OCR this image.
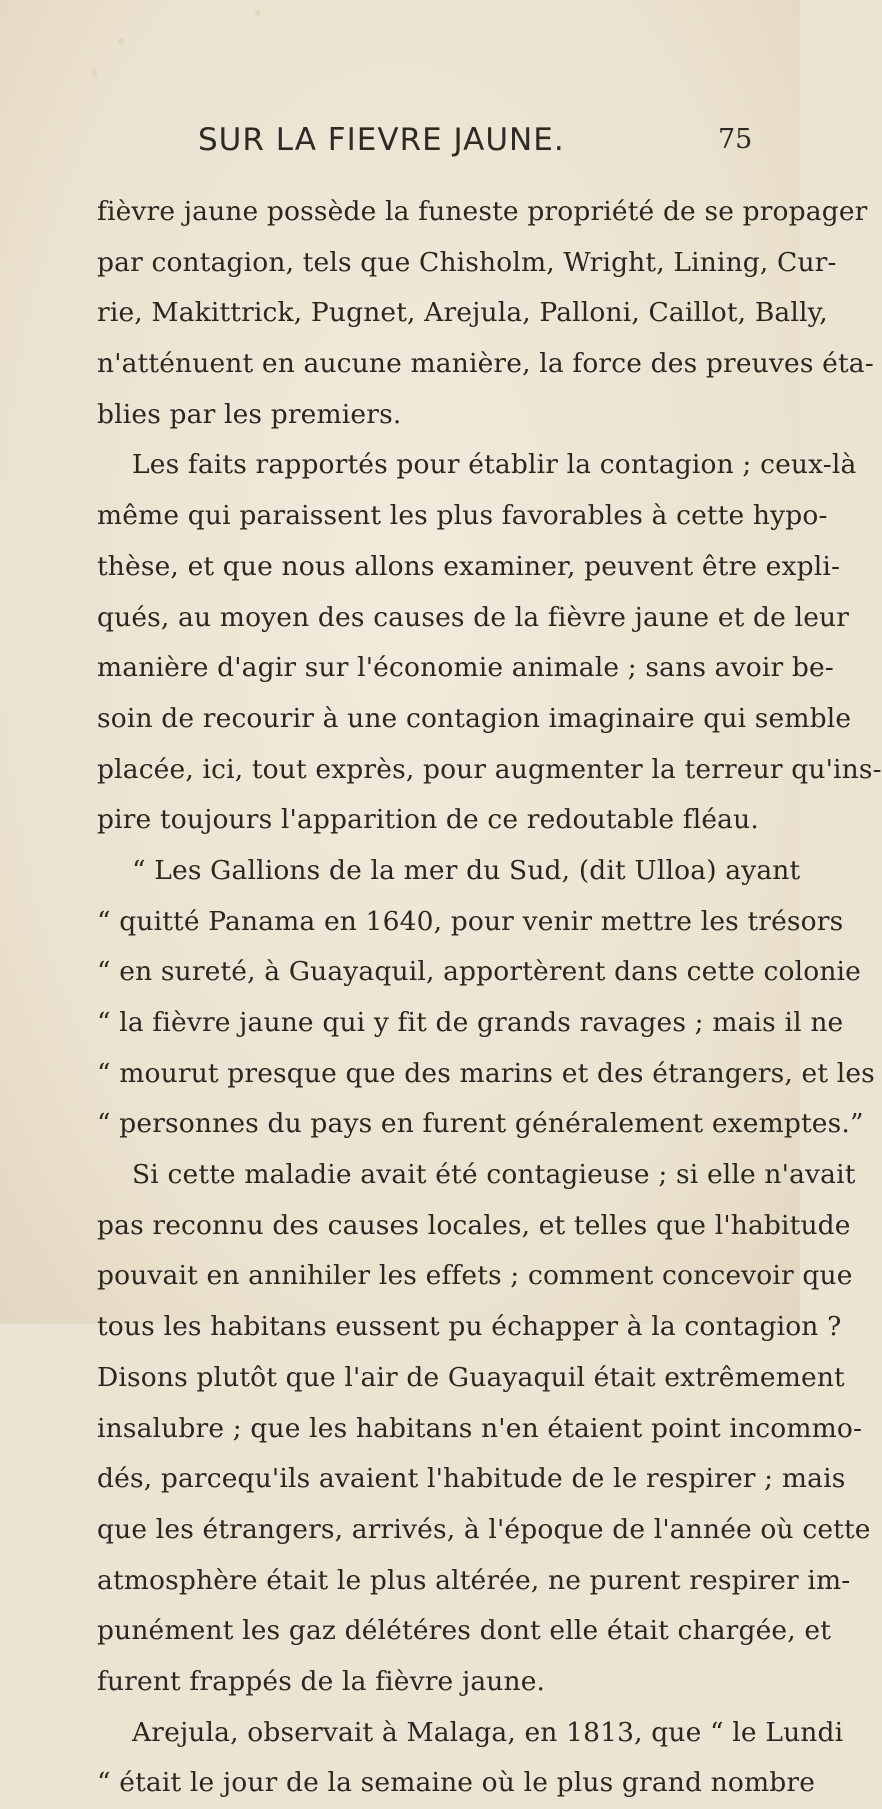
SUR LA FIEVRE JAUNE.	75
fièvre jaune possède la funeste propriété de se propager
par contagion, tels que Chisholm, Wright, Lining, Cur-
rie, Makittrick, Pugnet, Arejula, Palloni, Caillot, Bally,
n'atténuent en aucune manière, la force des preuves éta-
blies par les premiers.
Les faits rapportés pour établir la contagion ; ceux-là
même qui paraissent les plus favorables à cette hypo-
thèse, et que nous allons examiner, peuvent être expli-
qués, au moyen des causes de la fièvre jaune et de leur
manière d'agir sur l'économie animale ; sans avoir be-
soin de recourir à une contagion imaginaire qui semble
placée, ici, tout exprès, pour augmenter la terreur qu'ins-
pire toujours l'apparition de ce redoutable fléau.
“ Les Gallions de la mer du Sud, (dit Ulloa) ayant
“ quitté Panama en 1640, pour venir mettre les trésors
“ en sureté, à Guayaquil, apportèrent dans cette colonie
“ la fièvre jaune qui y fit de grands ravages ; mais il ne
“ mourut presque que des marins et des étrangers, et les
“ personnes du pays en furent généralement exemptes.”
Si cette maladie avait été contagieuse ; si elle n'avait
pas reconnu des causes locales, et telles que l'habitude
pouvait en annihiler les effets ; comment concevoir que
tous les habitans eussent pu échapper à la contagion ?
Disons plutôt que l'air de Guayaquil était extrêmement
insalubre ; que les habitans n'en étaient point incommo-
dés, parcequ'ils avaient l'habitude de le respirer ; mais
que les étrangers, arrivés, à l'époque de l'année où cette
atmosphère était le plus altérée, ne purent respirer im-
punément les gaz délétéres dont elle était chargée, et
furent frappés de la fièvre jaune.
Arejula, observait à Malaga, en 1813, que “ le Lundi
“ était le jour de la semaine où le plus grand nombre
